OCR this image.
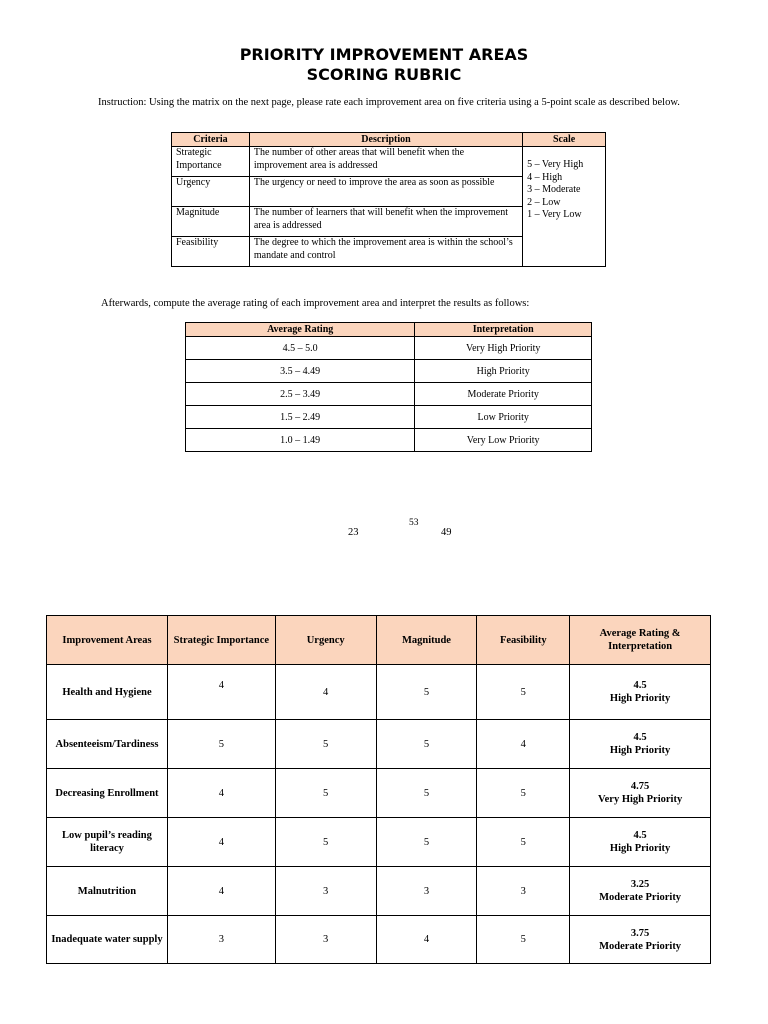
PRIORITY IMPROVEMENT AREAS
SCORING RUBRIC
Instruction: Using the matrix on the next page, please rate each improvement area on five criteria using a 5-point scale as described below.
Criteria	Description	Scale
Strategic Importance	The number of other areas that will benefit when the improvement area is addressed	5 – Very High
4 – High
3 – Moderate
2 – Low
1 – Very Low

Urgency	The urgency or need to improve the area as soon as possible	
Magnitude	The number of learners that will benefit when the improvement area is addressed	
Feasibility	The degree to which the improvement area is within the school’s mandate and control	
Afterwards, compute the average rating of each improvement area and interpret the results as follows:
Average Rating	Interpretation
4.5 – 5.0	Very High Priority
3.5 – 4.49	High Priority
2.5 – 3.49	Moderate Priority
1.5 – 2.49	Low Priority
1.0 – 1.49	Very Low Priority
23
53
49
Improvement Areas	Strategic Importance	Urgency	Magnitude	Feasibility	Average Rating & Interpretation
Health and Hygiene	4	4	5	5	4.5
High Priority

Absenteeism/Tardiness	5	5	5	4	4.5
High Priority

Decreasing Enrollment	4	5	5	5	4.75
Very High Priority

Low pupil’s reading literacy	4	5	5	5	4.5
High Priority

Malnutrition	4	3	3	3	3.25
Moderate Priority

Inadequate water supply	3	3	4	5	3.75
Moderate Priority
